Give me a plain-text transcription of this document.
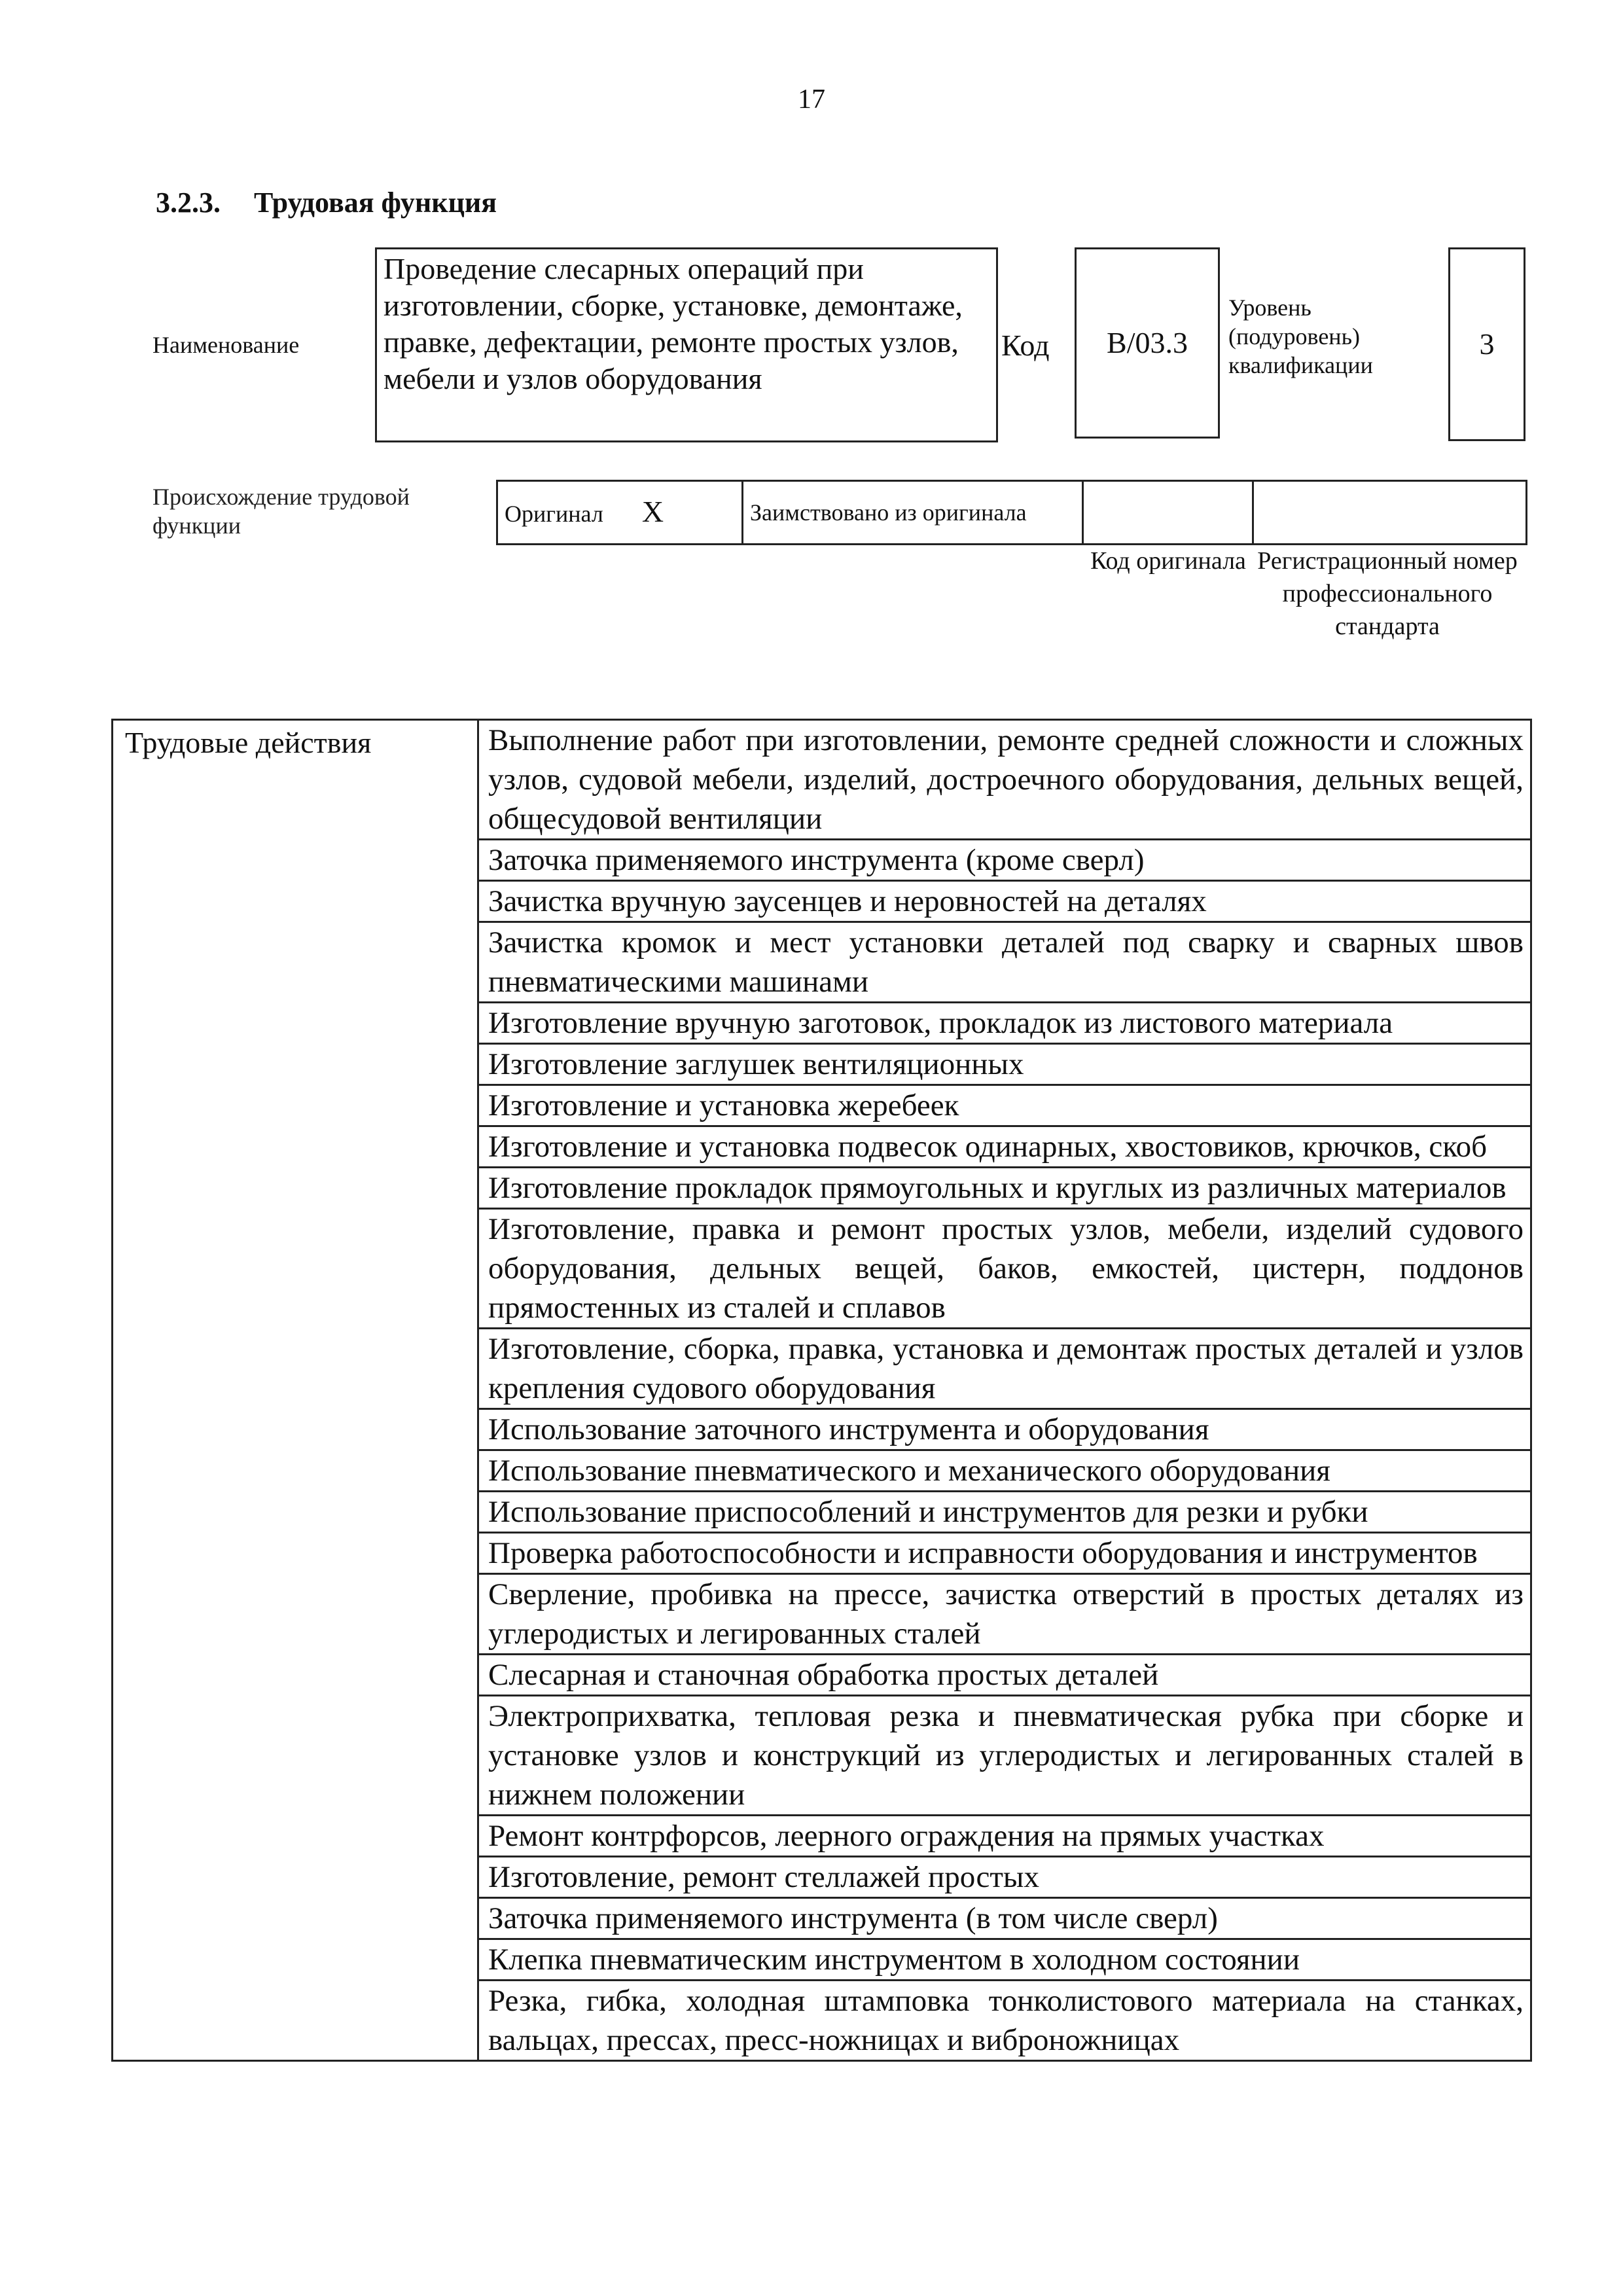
17
3.2.3. Трудовая функция
Наименование
Проведение слесарных операций при изготовлении, сборке, установке, демонтаже, правке, дефектации, ремонте простых узлов, мебели и узлов оборудования
Код B/03.3
Уровень (подуровень) квалификации
3
Происхождение трудовой функции	Оригинал X	Заимствовано из оригинала		
Код оригинала Регистрационный номер профессионального стандарта
Трудовые действия	Выполнение работ при изготовлении, ремонте средней сложности и сложных узлов, судовой мебели, изделий, достроечного оборудования, дельных вещей, общесудовой вентиляции
Заточка применяемого инструмента (кроме сверл)
Зачистка вручную заусенцев и неровностей на деталях
Зачистка кромок и мест установки деталей под сварку и сварных швов пневматическими машинами
Изготовление вручную заготовок, прокладок из листового материала
Изготовление заглушек вентиляционных
Изготовление и установка жеребеек
Изготовление и установка подвесок одинарных, хвостовиков, крючков, скоб
Изготовление прокладок прямоугольных и круглых из различных материалов
Изготовление, правка и ремонт простых узлов, мебели, изделий судового оборудования, дельных вещей, баков, емкостей, цистерн, поддонов прямостенных из сталей и сплавов
Изготовление, сборка, правка, установка и демонтаж простых деталей и узлов крепления судового оборудования
Использование заточного инструмента и оборудования
Использование пневматического и механического оборудования
Использование приспособлений и инструментов для резки и рубки
Проверка работоспособности и исправности оборудования и инструментов
Сверление, пробивка на прессе, зачистка отверстий в простых деталях из углеродистых и легированных сталей
Слесарная и станочная обработка простых деталей
Электроприхватка, тепловая резка и пневматическая рубка при сборке и установке узлов и конструкций из углеродистых и легированных сталей в нижнем положении
Ремонт контрфорсов, леерного ограждения на прямых участках
Изготовление, ремонт стеллажей простых
Заточка применяемого инструмента (в том числе сверл)
Клепка пневматическим инструментом в холодном состоянии
Резка, гибка, холодная штамповка тонколистового материала на станках, вальцах, прессах, пресс-ножницах и виброножницах
